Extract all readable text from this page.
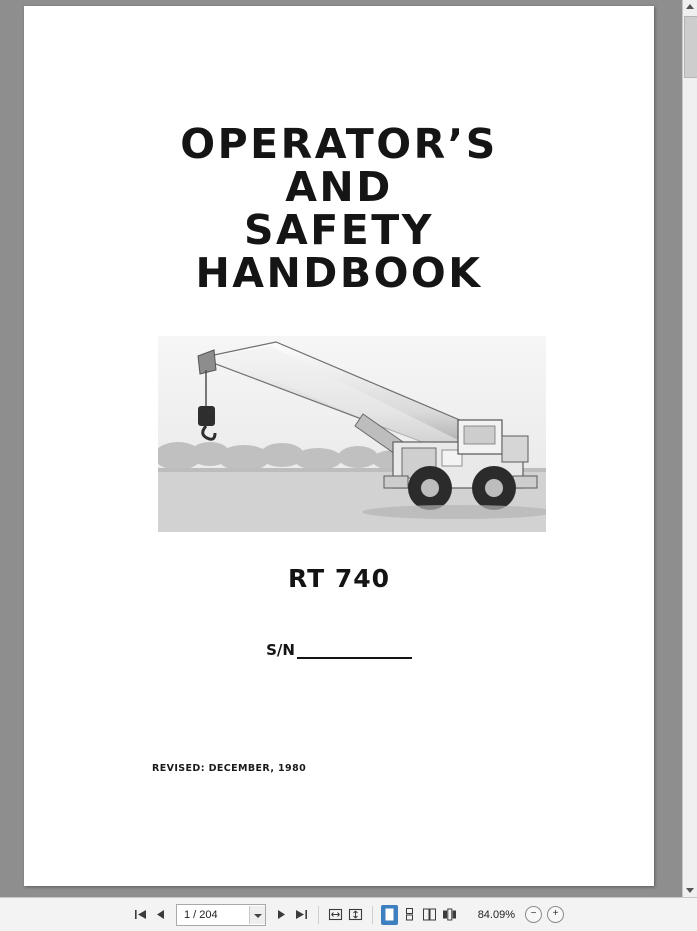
OPERATOR’S
AND
SAFETY
HANDBOOK
RT 740
S/N
REVISED: DECEMBER, 1980
1 / 204	84.09%	−	+
